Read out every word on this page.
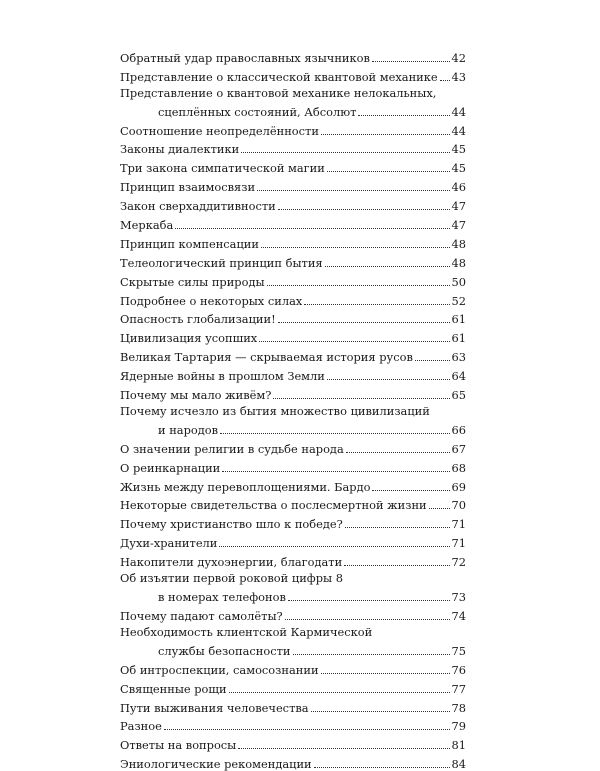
Обратный удар православных язычников	42
Представление о классической квантовой механике 43
Представление о квантовой механике нелокальных,
сцеплённых состояний, Абсолют	44
Соотношение неопределённости	44
Законы диалектики	45
Три закона симпатической магии	45
Принцип взаимосвязи	46
Закон сверхаддитивности	47
Меркаба	47
Принцип компенсации	48
Телеологический принцип бытия	48
Скрытые силы природы	50
Подробнее о некоторых силах	52
Опасность глобализации!	61
Цивилизация усопших	61
Великая Тартария — скрываемая история русов	63
Ядерные войны в прошлом Земли	64
Почему мы мало живём?	65
Почему исчезло из бытия множество цивилизаций
и народов	66
О значении религии в судьбе народа	67
О реинкарнации	68
Жизнь между перевоплощениями. Бардо	69
Некоторые свидетельства о послесмертной жизни 70
Почему христианство шло к победе?	71
Духи-хранители	71
Накопители духоэнергии, благодати	72
Об изъятии первой роковой цифры 8
в номерах телефонов	73
Почему падают самолёты?	74
Необходимость клиентской Кармической
службы безопасности	75
Об интроспекции, самосознании	76
Священные рощи	77
Пути выживания человечества	78
Разное	79
Ответы на вопросы	81
Эниологические рекомендации	84
